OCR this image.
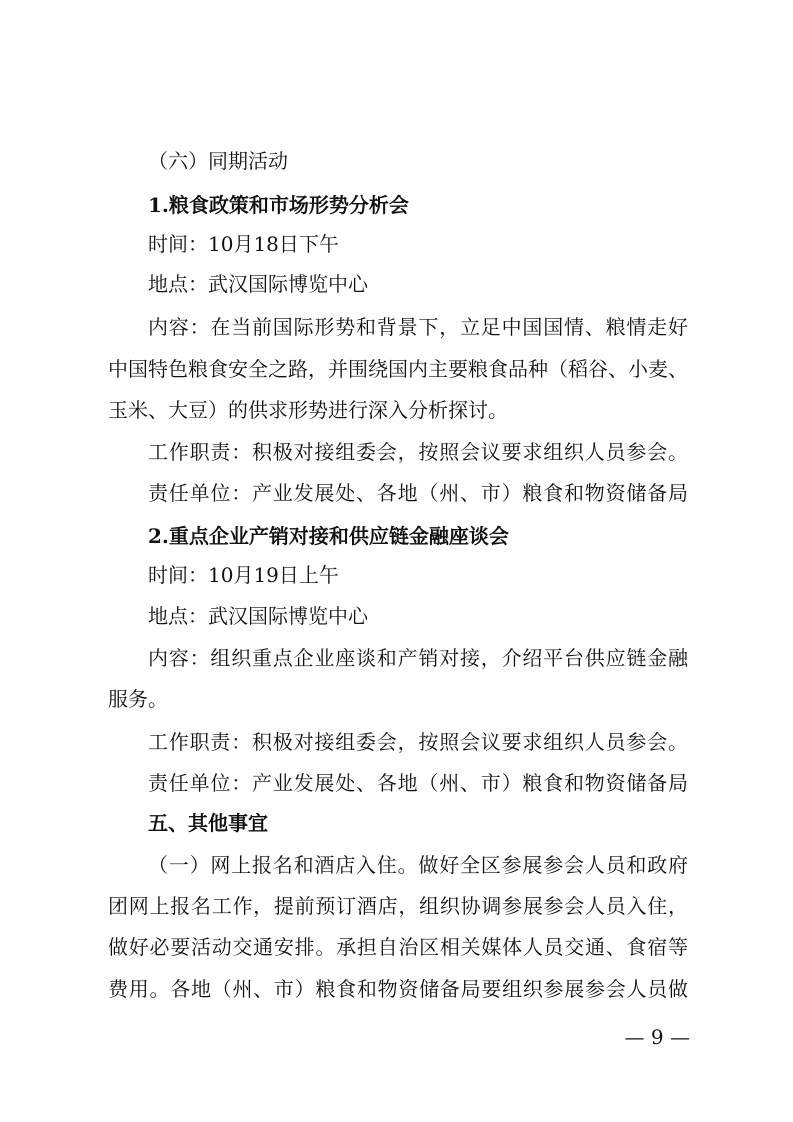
（六）同期活动
1.粮食政策和市场形势分析会
时间：10月18日下午
地点：武汉国际博览中心
内容：在当前国际形势和背景下，立足中国国情、粮情走好
中国特色粮食安全之路，并围绕国内主要粮食品种（稻谷、小麦、
玉米、大豆）的供求形势进行深入分析探讨。
工作职责：积极对接组委会，按照会议要求组织人员参会。
责任单位：产业发展处、各地（州、市）粮食和物资储备局
2.重点企业产销对接和供应链金融座谈会
时间：10月19日上午
地点：武汉国际博览中心
内容：组织重点企业座谈和产销对接，介绍平台供应链金融
服务。
工作职责：积极对接组委会，按照会议要求组织人员参会。
责任单位：产业发展处、各地（州、市）粮食和物资储备局
五、其他事宜
（一）网上报名和酒店入住。做好全区参展参会人员和政府
团网上报名工作，提前预订酒店，组织协调参展参会人员入住，
做好必要活动交通安排。承担自治区相关媒体人员交通、食宿等
费用。各地（州、市）粮食和物资储备局要组织参展参会人员做
— 9 —
